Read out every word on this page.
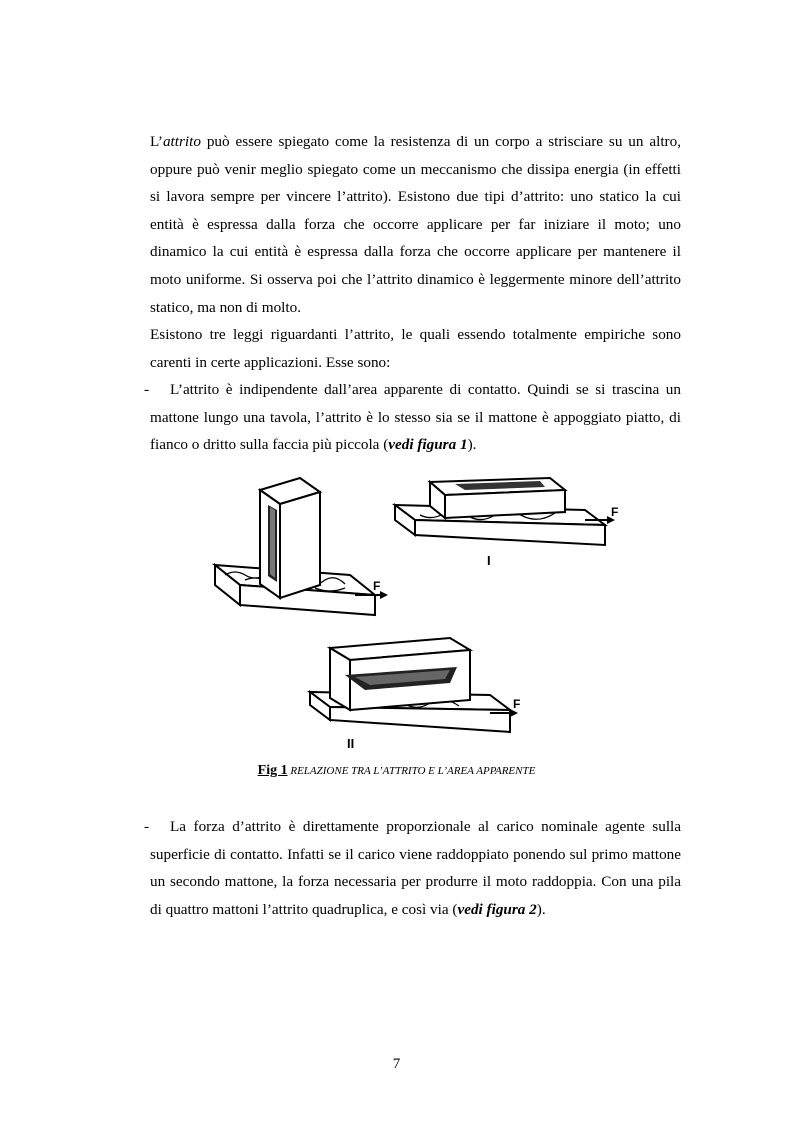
L’attrito può essere spiegato come la resistenza di un corpo a strisciare su un altro, oppure può venir meglio spiegato come un meccanismo che dissipa energia (in effetti si lavora sempre per vincere l’attrito). Esistono due tipi d’attrito: uno statico la cui entità è espressa dalla forza che occorre applicare per far iniziare il moto; uno dinamico la cui entità è espressa dalla forza che occorre applicare per mantenere il moto uniforme. Si osserva poi che l’attrito dinamico è leggermente minore dell’attrito statico, ma non di molto.
Esistono tre leggi riguardanti l’attrito, le quali essendo totalmente empiriche sono carenti in certe applicazioni. Esse sono:
-	L’attrito è indipendente dall’area apparente di contatto. Quindi se si trascina un mattone lungo una tavola, l’attrito è lo stesso sia se il mattone è appoggiato piatto, di fianco o dritto sulla faccia più piccola (vedi figura 1).
F
F
I
F
II
Fig 1 RELAZIONE TRA L’ATTRITO E L’AREA APPARENTE
-	La forza d’attrito è direttamente proporzionale al carico nominale agente sulla superficie di contatto. Infatti se il carico viene raddoppiato ponendo sul primo mattone un secondo mattone, la forza necessaria per produrre il moto raddoppia. Con una pila di quattro mattoni l’attrito quadruplica, e così via (vedi figura 2).
7
